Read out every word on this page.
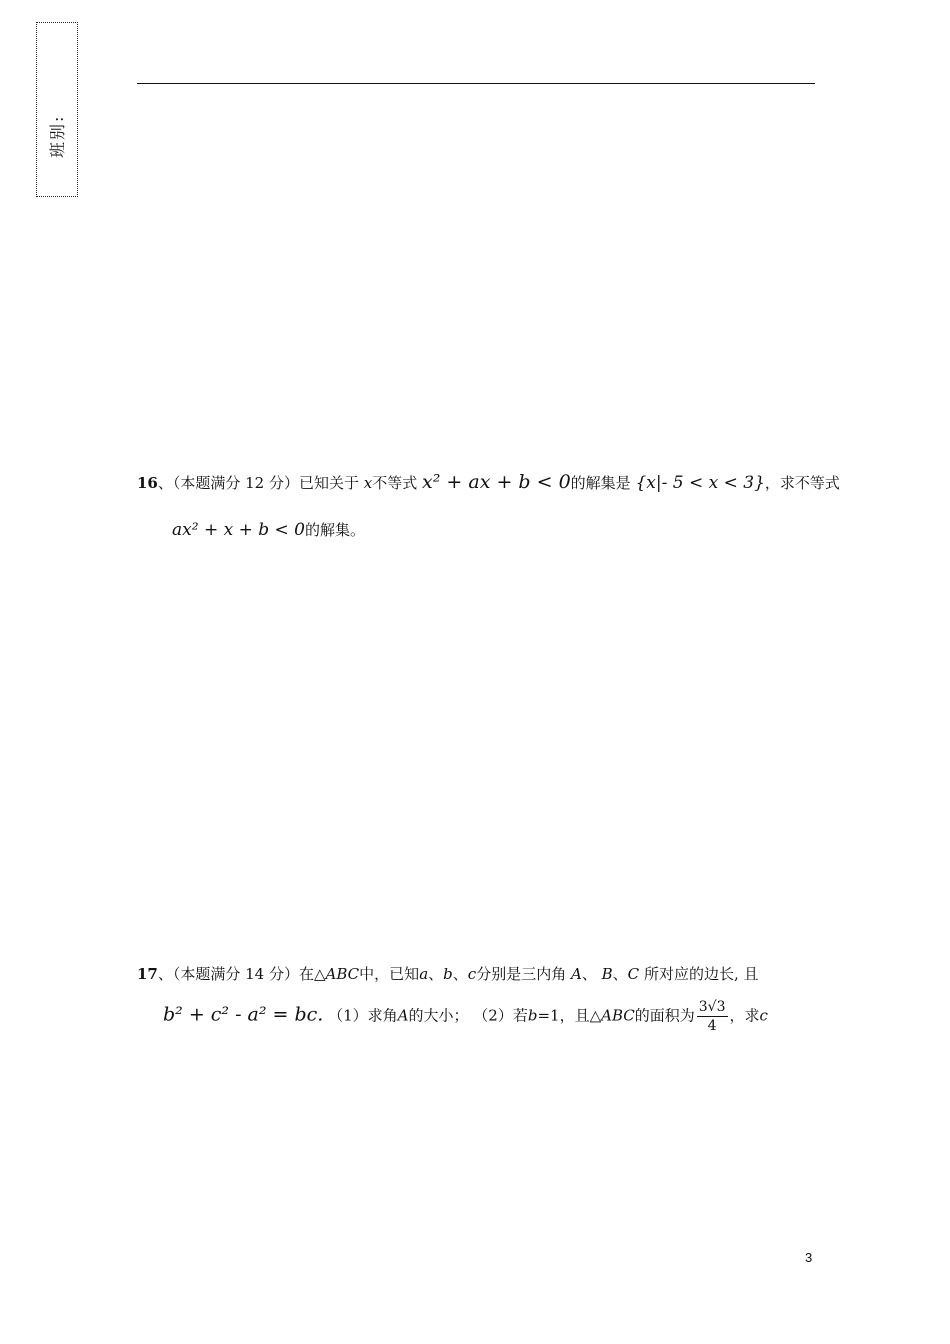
班别:
16、（本题满分 12 分）已知关于 x不等式 x² + ax + b < 0的解集是 {x|- 5 < x < 3}，求不等式
ax² + x + b < 0的解集。
17、（本题满分 14 分）在△ABC中，已知a、b、c分别是三内角 A、 B、C 所对应的边长, 且
b² + c² - a² = bc. （1）求角A的大小； （2）若b=1，且△ABC的面积为 $\frac{3√3}{4}$ ，求c
3
